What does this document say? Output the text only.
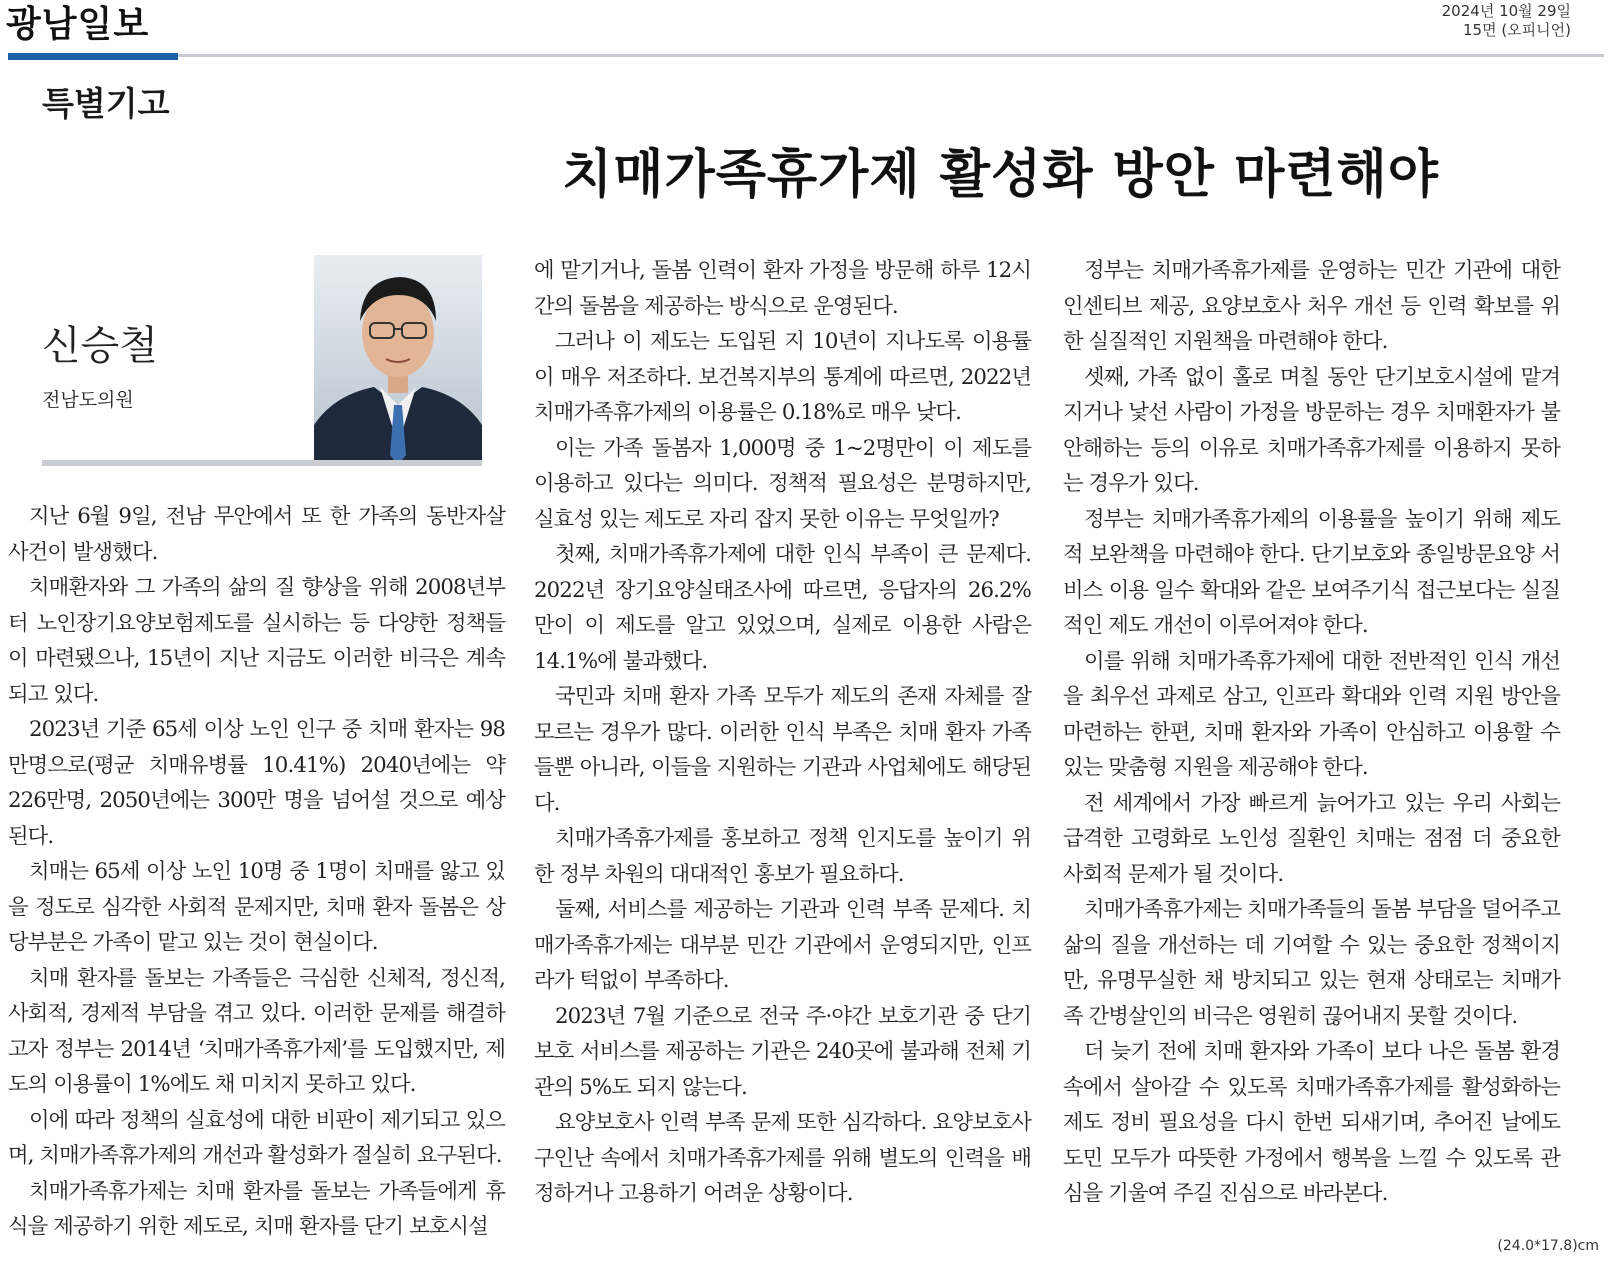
광남일보	2024년 10월 29일
15면 (오피니언)
특별기고
치매가족휴가제 활성화 방안 마련해야
신승철
전남도의원

지난 6월 9일, 전남 무안에서 또 한 가족의 동반자살 사건이 발생했다.

치매환자와 그 가족의 삶의 질 향상을 위해 2008년부터 노인장기요양보험제도를 실시하는 등 다양한 정책들이 마련됐으나, 15년이 지난 지금도 이러한 비극은 계속되고 있다.

2023년 기준 65세 이상 노인 인구 중 치매 환자는 98만명으로(평균 치매유병률 10.41%) 2040년에는 약 226만명, 2050년에는 300만 명을 넘어설 것으로 예상된다.

치매는 65세 이상 노인 10명 중 1명이 치매를 앓고 있을 정도로 심각한 사회적 문제지만, 치매 환자 돌봄은 상당부분은 가족이 맡고 있는 것이 현실이다.

치매 환자를 돌보는 가족들은 극심한 신체적, 정신적, 사회적, 경제적 부담을 겪고 있다. 이러한 문제를 해결하고자 정부는 2014년 ‘치매가족휴가제’를 도입했지만, 제도의 이용률이 1%에도 채 미치지 못하고 있다.

이에 따라 정책의 실효성에 대한 비판이 제기되고 있으며, 치매가족휴가제의 개선과 활성화가 절실히 요구된다.

치매가족휴가제는 치매 환자를 돌보는 가족들에게 휴식을 제공하기 위한 제도로, 치매 환자를 단기 보호시설

에 맡기거나, 돌봄 인력이 환자 가정을 방문해 하루 12시간의 돌봄을 제공하는 방식으로 운영된다.

그러나 이 제도는 도입된 지 10년이 지나도록 이용률이 매우 저조하다. 보건복지부의 통계에 따르면, 2022년 치매가족휴가제의 이용률은 0.18%로 매우 낮다.

이는 가족 돌봄자 1,000명 중 1~2명만이 이 제도를 이용하고 있다는 의미다. 정책적 필요성은 분명하지만, 실효성 있는 제도로 자리 잡지 못한 이유는 무엇일까?

첫째, 치매가족휴가제에 대한 인식 부족이 큰 문제다. 2022년 장기요양실태조사에 따르면, 응답자의 26.2%만이 이 제도를 알고 있었으며, 실제로 이용한 사람은 14.1%에 불과했다.

국민과 치매 환자 가족 모두가 제도의 존재 자체를 잘 모르는 경우가 많다. 이러한 인식 부족은 치매 환자 가족들뿐 아니라, 이들을 지원하는 기관과 사업체에도 해당된다.

치매가족휴가제를 홍보하고 정책 인지도를 높이기 위한 정부 차원의 대대적인 홍보가 필요하다.

둘째, 서비스를 제공하는 기관과 인력 부족 문제다. 치매가족휴가제는 대부분 민간 기관에서 운영되지만, 인프라가 턱없이 부족하다.

2023년 7월 기준으로 전국 주·야간 보호기관 중 단기보호 서비스를 제공하는 기관은 240곳에 불과해 전체 기관의 5%도 되지 않는다.

요양보호사 인력 부족 문제 또한 심각하다. 요양보호사 구인난 속에서 치매가족휴가제를 위해 별도의 인력을 배정하거나 고용하기 어려운 상황이다.

정부는 치매가족휴가제를 운영하는 민간 기관에 대한 인센티브 제공, 요양보호사 처우 개선 등 인력 확보를 위한 실질적인 지원책을 마련해야 한다.

셋째, 가족 없이 홀로 며칠 동안 단기보호시설에 맡겨지거나 낯선 사람이 가정을 방문하는 경우 치매환자가 불안해하는 등의 이유로 치매가족휴가제를 이용하지 못하는 경우가 있다.

정부는 치매가족휴가제의 이용률을 높이기 위해 제도적 보완책을 마련해야 한다. 단기보호와 종일방문요양 서비스 이용 일수 확대와 같은 보여주기식 접근보다는 실질적인 제도 개선이 이루어져야 한다.

이를 위해 치매가족휴가제에 대한 전반적인 인식 개선을 최우선 과제로 삼고, 인프라 확대와 인력 지원 방안을 마련하는 한편, 치매 환자와 가족이 안심하고 이용할 수 있는 맞춤형 지원을 제공해야 한다.

전 세계에서 가장 빠르게 늙어가고 있는 우리 사회는 급격한 고령화로 노인성 질환인 치매는 점점 더 중요한 사회적 문제가 될 것이다.

치매가족휴가제는 치매가족들의 돌봄 부담을 덜어주고 삶의 질을 개선하는 데 기여할 수 있는 중요한 정책이지만, 유명무실한 채 방치되고 있는 현재 상태로는 치매가족 간병살인의 비극은 영원히 끊어내지 못할 것이다.

더 늦기 전에 치매 환자와 가족이 보다 나은 돌봄 환경 속에서 살아갈 수 있도록 치매가족휴가제를 활성화하는 제도 정비 필요성을 다시 한번 되새기며, 추어진 날에도 도민 모두가 따뜻한 가정에서 행복을 느낄 수 있도록 관심을 기울여 주길 진심으로 바라본다.

(24.0*17.8)cm
